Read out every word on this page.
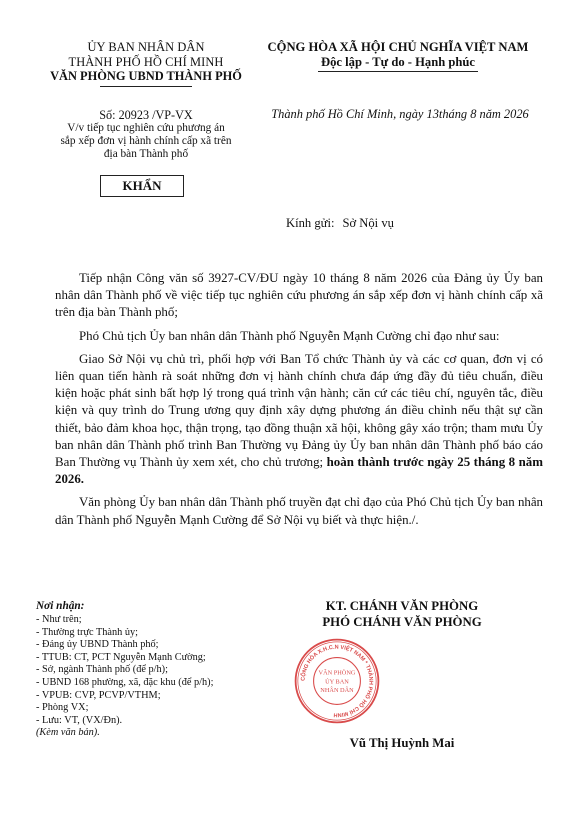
ỦY BAN NHÂN DÂN
THÀNH PHỐ HỒ CHÍ MINH
VĂN PHÒNG UBND THÀNH PHỐ
CỘNG HÒA XÃ HỘI CHỦ NGHĨA VIỆT NAM
Độc lập - Tự do - Hạnh phúc
Số: 20923 /VP-VX
V/v tiếp tục nghiên cứu phương án
sắp xếp đơn vị hành chính cấp xã trên
địa bàn Thành phố
KHẨN
Thành phố Hồ Chí Minh, ngày 13tháng 8 năm 2026
Kính gửi: Sở Nội vụ

Tiếp nhận Công văn số 3927-CV/ĐU ngày 10 tháng 8 năm 2026 của Đảng ủy Ủy ban nhân dân Thành phố về việc tiếp tục nghiên cứu phương án sắp xếp đơn vị hành chính cấp xã trên địa bàn Thành phố;

Phó Chủ tịch Ủy ban nhân dân Thành phố Nguyễn Mạnh Cường chỉ đạo như sau:

Giao Sở Nội vụ chủ trì, phối hợp với Ban Tổ chức Thành ủy và các cơ quan, đơn vị có liên quan tiến hành rà soát những đơn vị hành chính chưa đáp ứng đầy đủ tiêu chuẩn, điều kiện hoặc phát sinh bất hợp lý trong quá trình vận hành; căn cứ các tiêu chí, nguyên tắc, điều kiện và quy trình do Trung ương quy định xây dựng phương án điều chỉnh nếu thật sự cần thiết, bảo đảm khoa học, thận trọng, tạo đồng thuận xã hội, không gây xáo trộn; tham mưu Ủy ban nhân dân Thành phố trình Ban Thường vụ Đảng ủy Ủy ban nhân dân Thành phố báo cáo Ban Thường vụ Thành ủy xem xét, cho chủ trương; hoàn thành trước ngày 25 tháng 8 năm 2026.

Văn phòng Ủy ban nhân dân Thành phố truyền đạt chỉ đạo của Phó Chủ tịch Ủy ban nhân dân Thành phố Nguyễn Mạnh Cường để Sở Nội vụ biết và thực hiện./.

Nơi nhận:
- Như trên;
- Thường trực Thành ủy;
- Đảng ủy UBND Thành phố;
- TTUB: CT, PCT Nguyễn Mạnh Cường;
- Sở, ngành Thành phố (để p/h);
- UBND 168 phường, xã, đặc khu (để p/h);
- VPUB: CVP, PCVP/VTHM;
- Phòng VX;
- Lưu: VT, (VX/Đn).
(Kèm văn bản).
KT. CHÁNH VĂN PHÒNG
PHÓ CHÁNH VĂN PHÒNG
CỘNG HÒA X.H.C.N VIỆT NAM * THÀNH PHỐ HỒ CHÍ MINH
VĂN PHÒNG
ỦY BAN
NHÂN DÂN
Vũ Thị Huỳnh Mai
